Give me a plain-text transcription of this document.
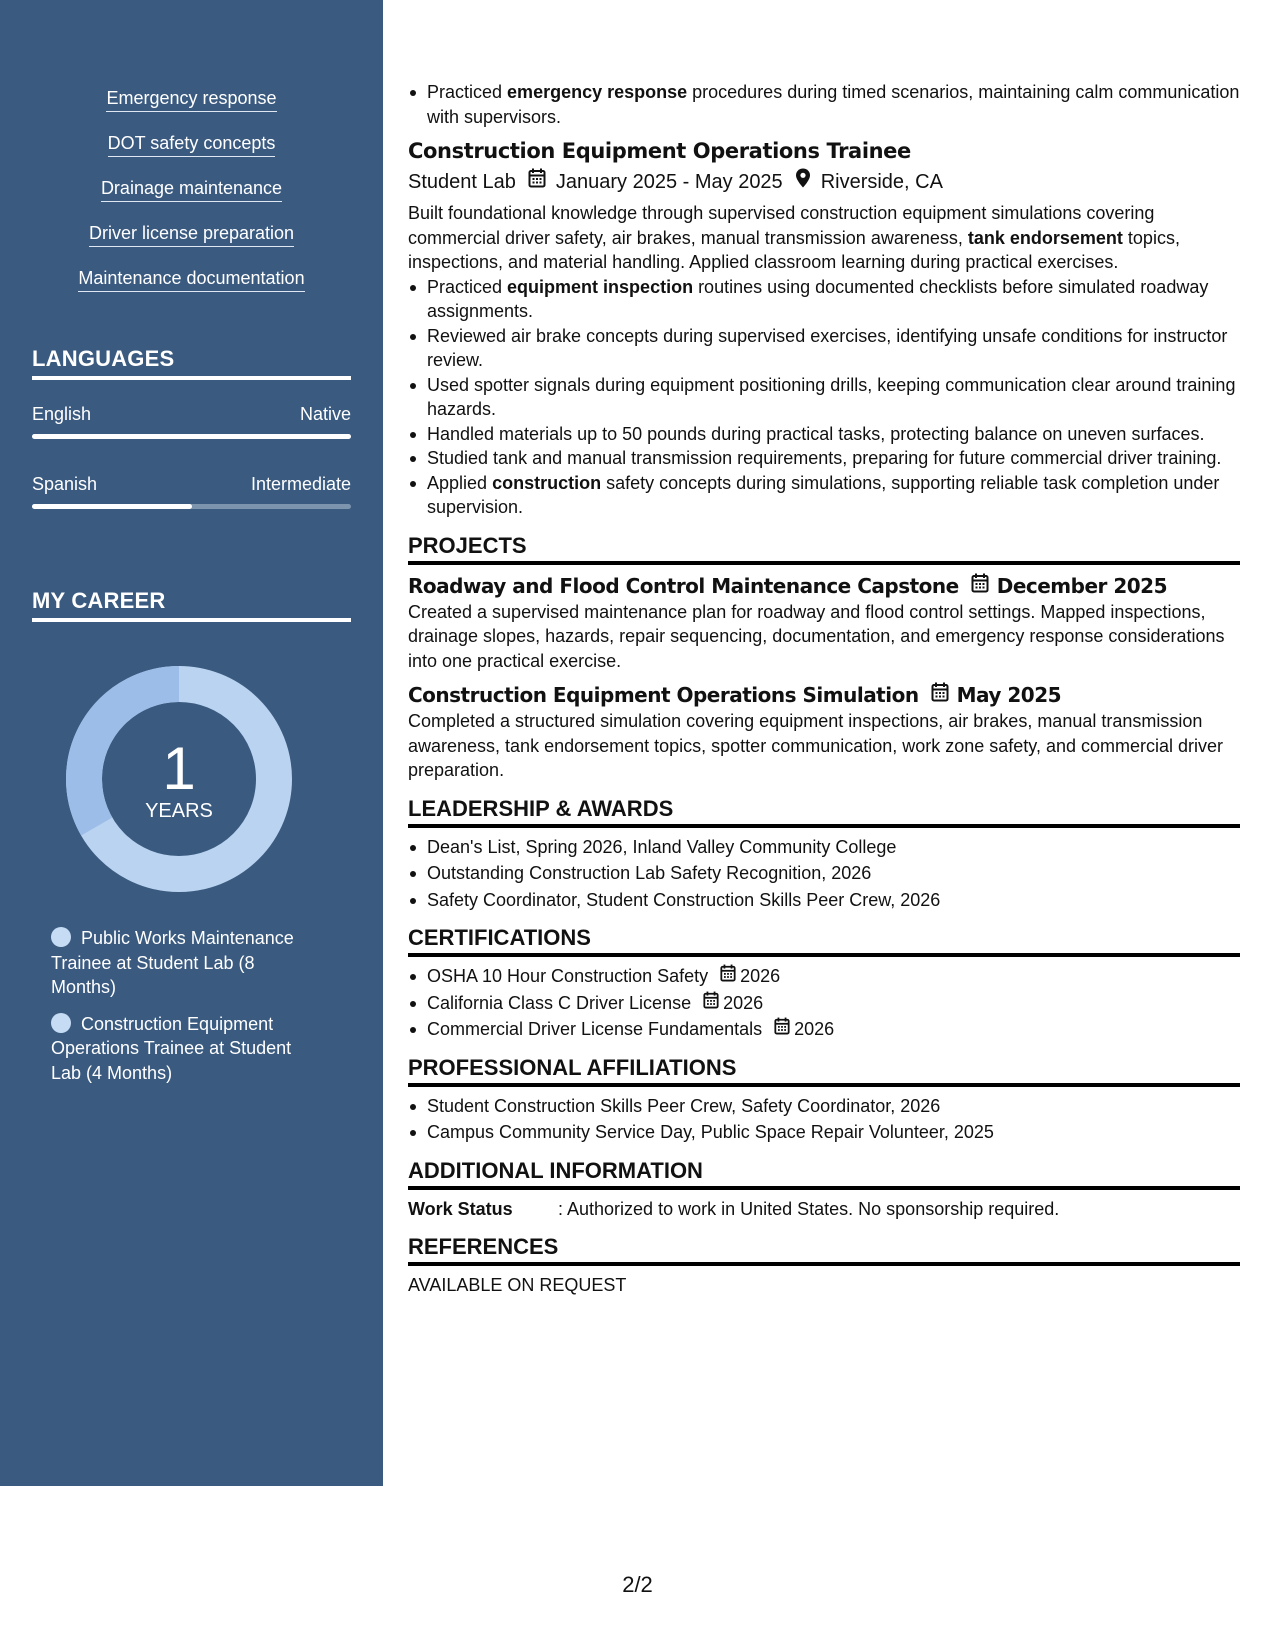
Emergency response
DOT safety concepts
Drainage maintenance
Driver license preparation
Maintenance documentation
LANGUAGES
English	Native
Spanish	Intermediate
MY CAREER
1
YEARS
Public Works Maintenance Trainee at Student Lab (8 Months)
Construction Equipment Operations Trainee at Student Lab (4 Months)
Practiced emergency response procedures during timed scenarios, maintaining calm communication with supervisors.
Construction Equipment Operations Trainee
Student Lab January 2025 - May 2025 Riverside, CA
Built foundational knowledge through supervised construction equipment simulations covering commercial driver safety, air brakes, manual transmission awareness, tank endorsement topics, inspections, and material handling. Applied classroom learning during practical exercises.
Practiced equipment inspection routines using documented checklists before simulated roadway assignments.
Reviewed air brake concepts during supervised exercises, identifying unsafe conditions for instructor review.
Used spotter signals during equipment positioning drills, keeping communication clear around training hazards.
Handled materials up to 50 pounds during practical tasks, protecting balance on uneven surfaces.
Studied tank and manual transmission requirements, preparing for future commercial driver training.
Applied construction safety concepts during simulations, supporting reliable task completion under supervision.
PROJECTS
Roadway and Flood Control Maintenance Capstone December 2025
Created a supervised maintenance plan for roadway and flood control settings. Mapped inspections, drainage slopes, hazards, repair sequencing, documentation, and emergency response considerations into one practical exercise.
Construction Equipment Operations Simulation May 2025
Completed a structured simulation covering equipment inspections, air brakes, manual transmission awareness, tank endorsement topics, spotter communication, work zone safety, and commercial driver preparation.
LEADERSHIP & AWARDS
Dean's List, Spring 2026, Inland Valley Community College
Outstanding Construction Lab Safety Recognition, 2026
Safety Coordinator, Student Construction Skills Peer Crew, 2026
CERTIFICATIONS
OSHA 10 Hour Construction Safety 2026
California Class C Driver License 2026
Commercial Driver License Fundamentals 2026
PROFESSIONAL AFFILIATIONS
Student Construction Skills Peer Crew, Safety Coordinator, 2026
Campus Community Service Day, Public Space Repair Volunteer, 2025
ADDITIONAL INFORMATION
Work Status	: Authorized to work in United States. No sponsorship required.
REFERENCES
AVAILABLE ON REQUEST
2/2
